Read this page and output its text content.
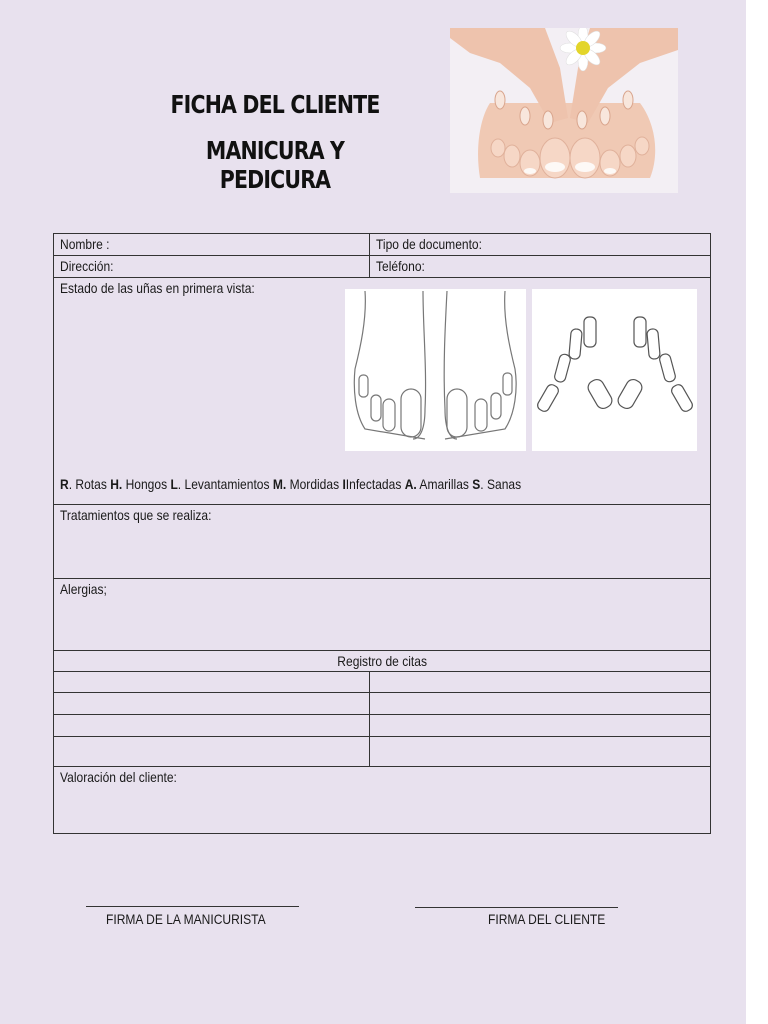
FICHA DEL CLIENTE
MANICURA Y PEDICURA
Nombre :	Tipo de documento:
Dirección:	Teléfono:
Estado de las uñas en primera vista:
R. Rotas H. Hongos L. Levantamientos M. Mordidas IInfectadas A. Amarillas S. Sanas	

Tratamientos que se realiza:	
Alergias;	
Registro de citas	

Valoración del cliente:	
FIRMA DE LA MANICURISTA	FIRMA DEL CLIENTE
